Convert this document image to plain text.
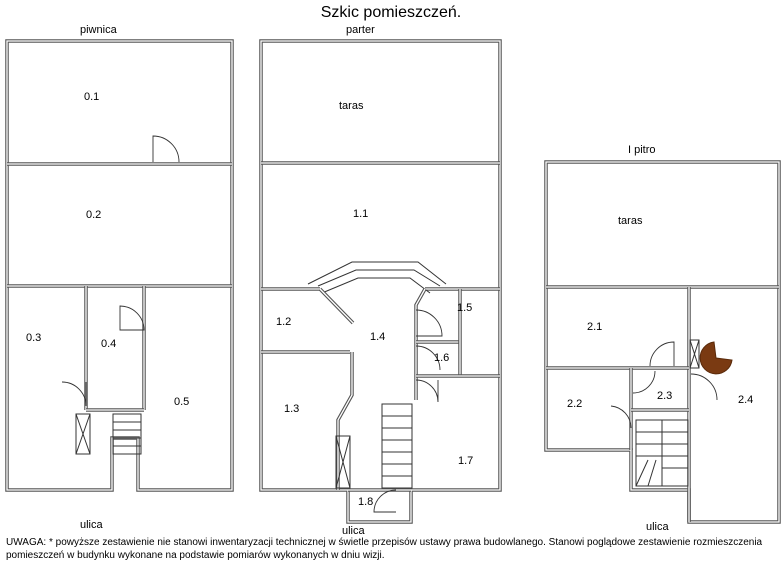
Szkic pomieszczeń.
piwnica	parter
I pitro
ulica	ulica	ulica
0.1
0.2
0.3	0.4
0.5
taras
1.1
1.2
1.4
1.5
1.6
1.3
1.7
1.8
taras
2.1
2.2
2.3	2.4
UWAGA: * powyższe zestawienie nie stanowi inwentaryzacji technicznej w świetle przepisów ustawy prawa budowlanego. Stanowi poglądowe zestawienie rozmieszczenia pomieszczeń w budynku wykonane na podstawie pomiarów wykonanych w dniu wizji.
